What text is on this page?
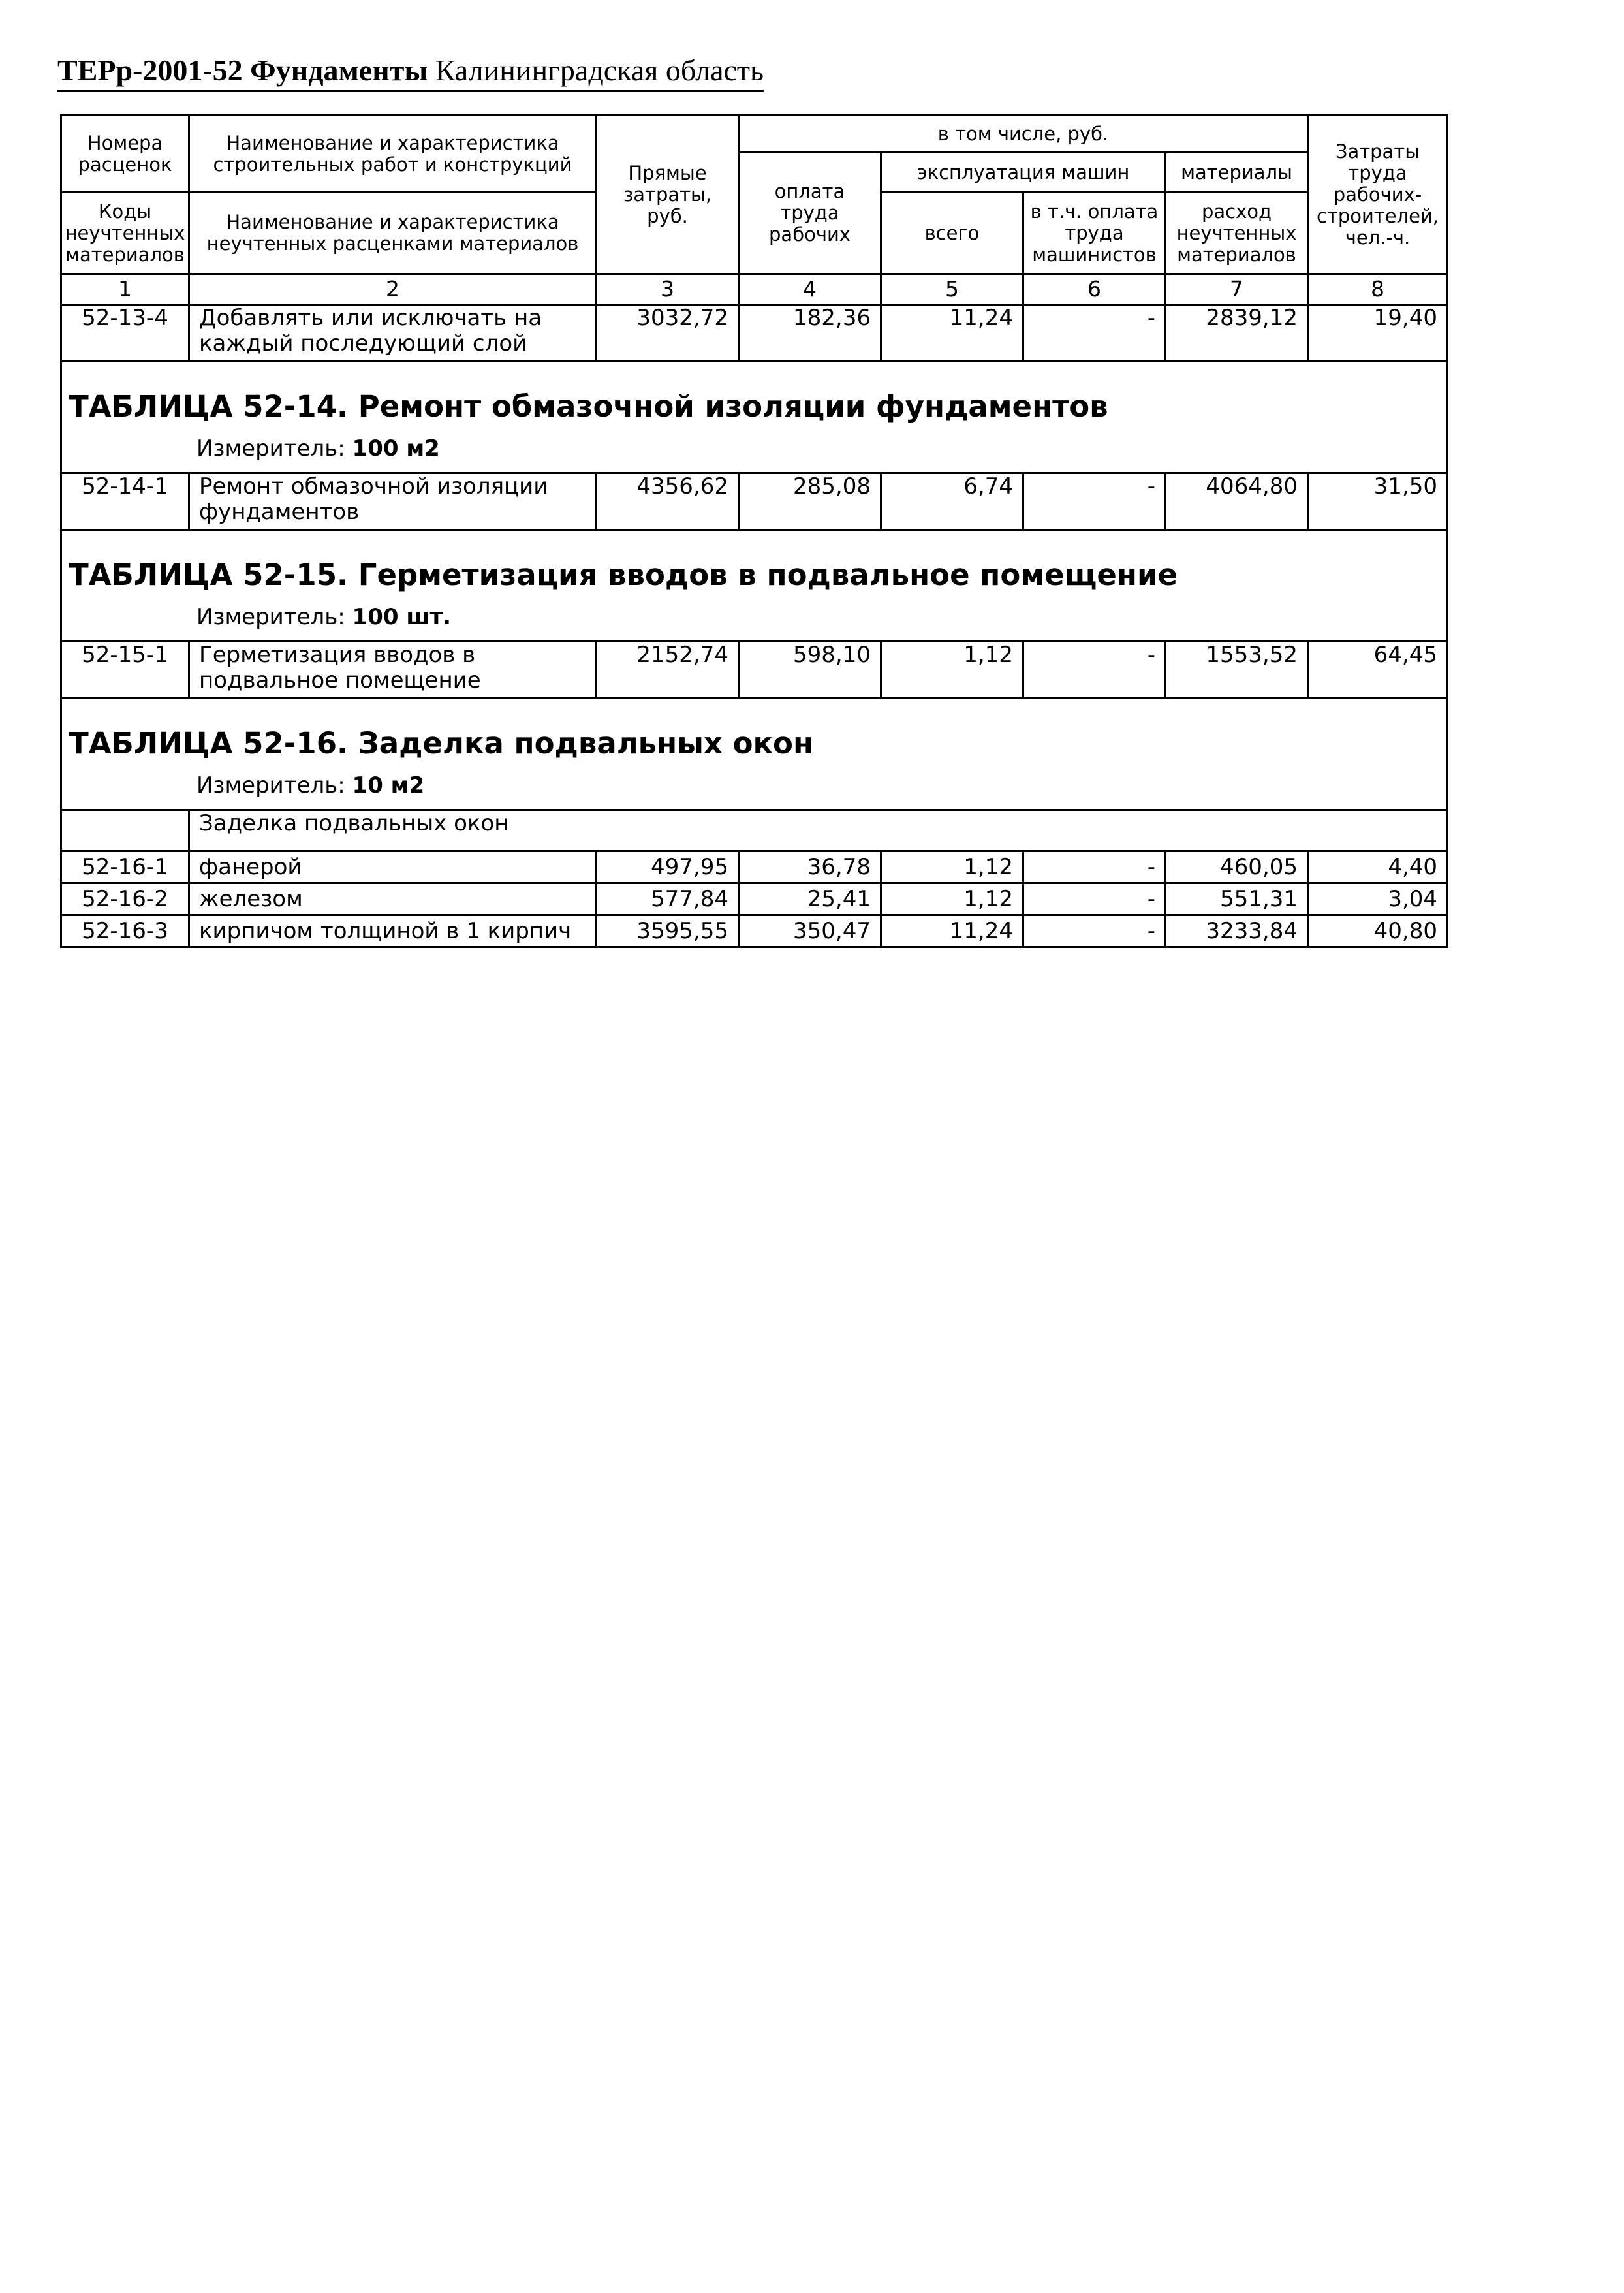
ТЕРр-2001-52 Фундаменты Калининградская область
Номера расценок	Наименование и характеристика строительных работ и конструкций	Прямые затраты, руб.	в том числе, руб.				Затраты труда рабочих-строителей, чел.-ч.
			оплата труда рабочих	эксплуатация машин		материалы	
Коды неучтенных материалов	Наименование и характеристика неучтенных расценками материалов			всего	в т.ч. оплата труда машинистов	расход неучтенных материалов	
1	2	3	4	5	6	7	8
52-13-4	Добавлять или исключать на каждый последующий слой	3032,72	182,36	11,24	-	2839,12	19,40

ТАБЛИЦА 52-14. Ремонт обмазочной изоляции фундаментов
Измеритель: 100 м2							

52-14-1	Ремонт обмазочной изоляции фундаментов	4356,62	285,08	6,74	-	4064,80	31,50

ТАБЛИЦА 52-15. Герметизация вводов в подвальное помещение
Измеритель: 100 шт.							

52-15-1	Герметизация вводов в подвальное помещение	2152,74	598,10	1,12	-	1553,52	64,45

ТАБЛИЦА 52-16. Заделка подвальных окон
Измеритель: 10 м2							

	Заделка подвальных окон						
52-16-1	фанерой	497,95	36,78	1,12	-	460,05	4,40
52-16-2	железом	577,84	25,41	1,12	-	551,31	3,04
52-16-3	кирпичом толщиной в 1 кирпич	3595,55	350,47	11,24	-	3233,84	40,80
